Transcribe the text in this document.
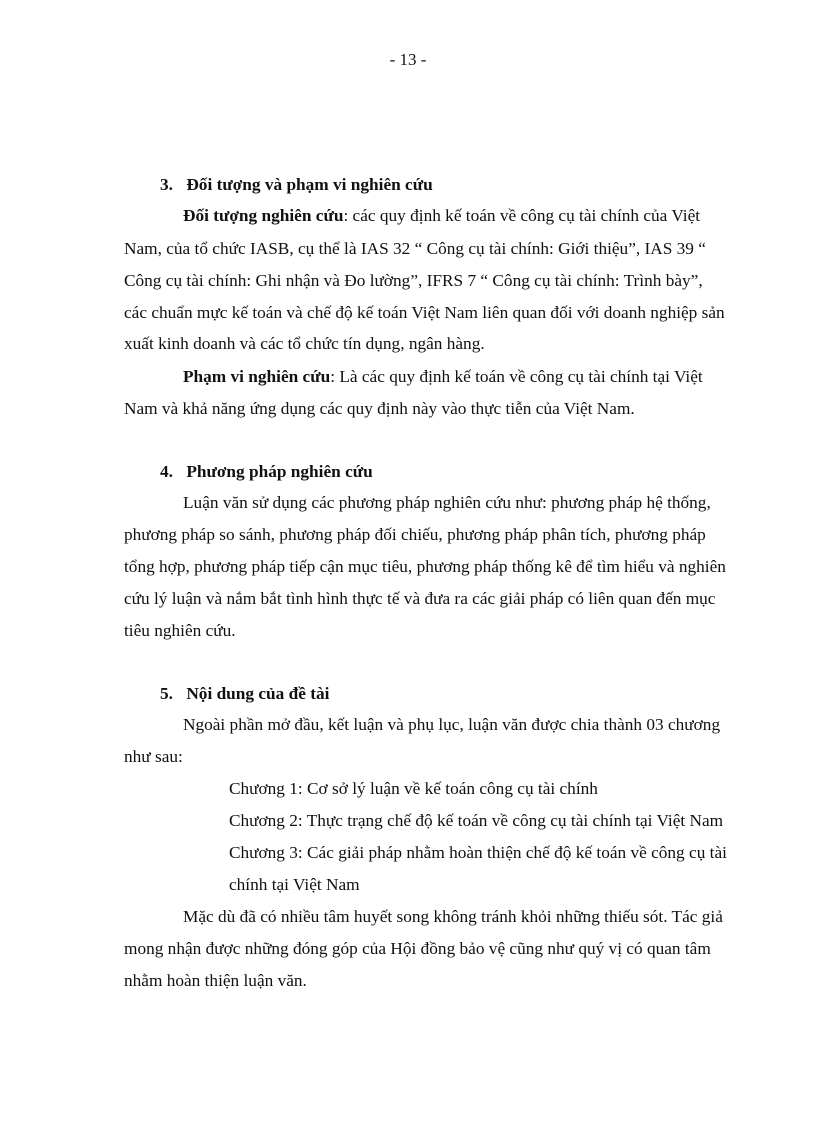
- 13 -
3. Đối tượng và phạm vi nghiên cứu
Đối tượng nghiên cứu: các quy định kế toán về công cụ tài chính của Việt
Nam, của tổ chức IASB, cụ thể là IAS 32 “ Công cụ tài chính: Giới thiệu”, IAS 39 “
Công cụ tài chính: Ghi nhận và Đo lường”, IFRS 7 “ Công cụ tài chính: Trình bày”,
các chuẩn mực kế toán và chế độ kế toán Việt Nam liên quan đối với doanh nghiệp sản
xuất kinh doanh và các tổ chức tín dụng, ngân hàng.
Phạm vi nghiên cứu: Là các quy định kế toán về công cụ tài chính tại Việt
Nam và khả năng ứng dụng các quy định này vào thực tiễn của Việt Nam.
4. Phương pháp nghiên cứu
Luận văn sử dụng các phương pháp nghiên cứu như: phương pháp hệ thống,
phương pháp so sánh, phương pháp đối chiếu, phương pháp phân tích, phương pháp
tổng hợp, phương pháp tiếp cận mục tiêu, phương pháp thống kê để tìm hiểu và nghiên
cứu lý luận và nắm bắt tình hình thực tế và đưa ra các giải pháp có liên quan đến mục
tiêu nghiên cứu.
5. Nội dung của đề tài
Ngoài phần mở đầu, kết luận và phụ lục, luận văn được chia thành 03 chương
như sau:
Chương 1: Cơ sở lý luận về kế toán công cụ tài chính
Chương 2: Thực trạng chế độ kế toán về công cụ tài chính tại Việt Nam
Chương 3: Các giải pháp nhằm hoàn thiện chế độ kế toán về công cụ tài
chính tại Việt Nam
Mặc dù đã có nhiều tâm huyết song không tránh khỏi những thiếu sót. Tác giả
mong nhận được những đóng góp của Hội đồng bảo vệ cũng như quý vị có quan tâm
nhằm hoàn thiện luận văn.
